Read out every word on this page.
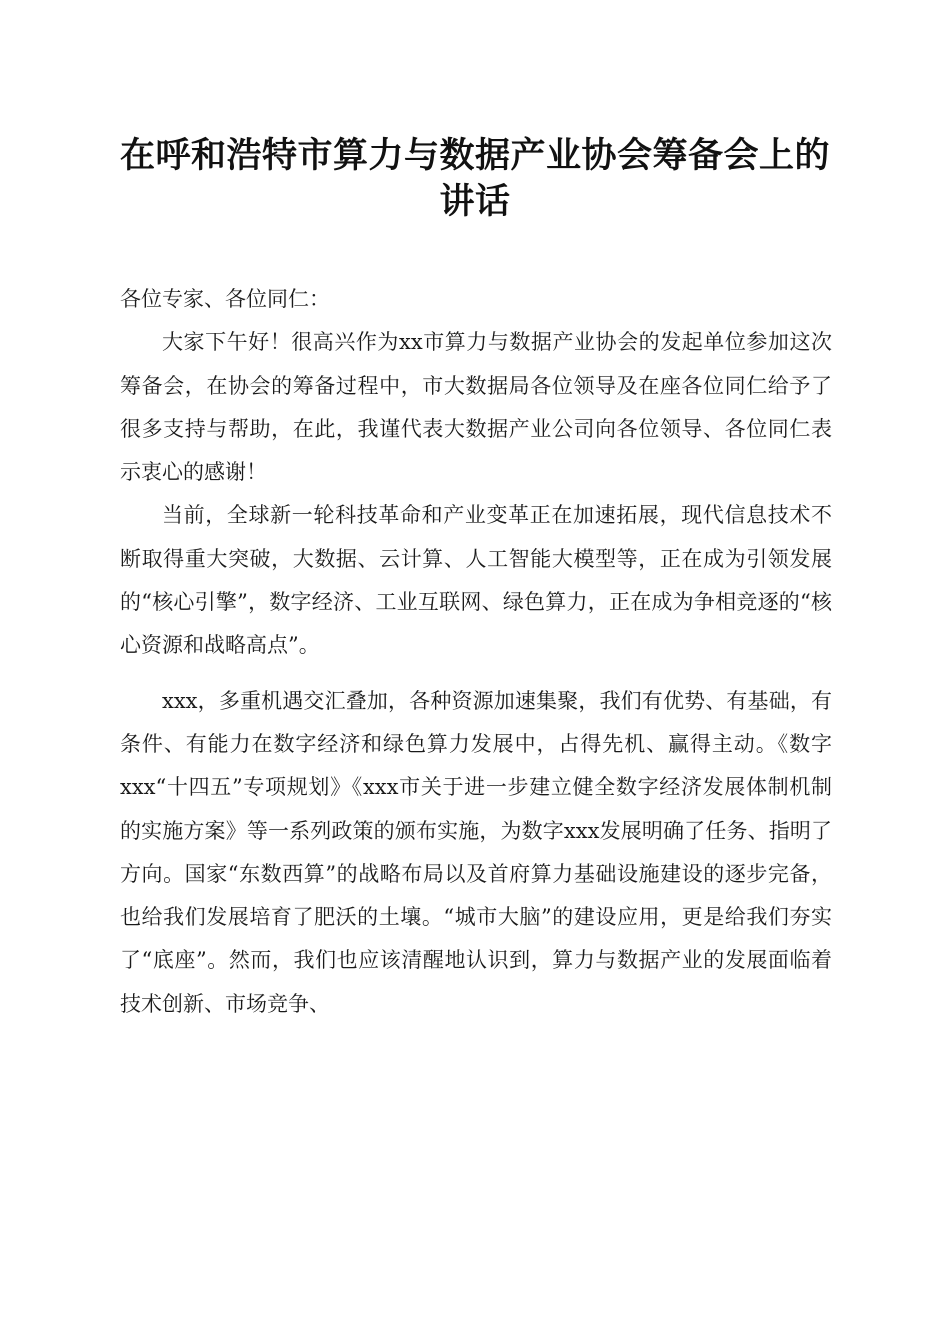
在呼和浩特市算力与数据产业协会筹备会上的
讲话

各位专家、各位同仁：

大家下午好！很高兴作为xx市算力与数据产业协会的发起单位参加这次筹备会，在协会的筹备过程中，市大数据局各位领导及在座各位同仁给予了很多支持与帮助，在此，我谨代表大数据产业公司向各位领导、各位同仁表示衷心的感谢！

当前，全球新一轮科技革命和产业变革正在加速拓展，现代信息技术不断取得重大突破，大数据、云计算、人工智能大模型等，正在成为引领发展的“核心引擎”，数字经济、工业互联网、绿色算力，正在成为争相竞逐的“核心资源和战略高点”。

xxx，多重机遇交汇叠加，各种资源加速集聚，我们有优势、有基础，有条件、有能力在数字经济和绿色算力发展中，占得先机、赢得主动。《数字xxx“十四五”专项规划》《xxx市关于进一步建立健全数字经济发展体制机制的实施方案》等一系列政策的颁布实施，为数字xxx发展明确了任务、指明了方向。国家“东数西算”的战略布局以及首府算力基础设施建设的逐步完备，也给我们发展培育了肥沃的土壤。“城市大脑”的建设应用，更是给我们夯实了“底座”。然而，我们也应该清醒地认识到，算力与数据产业的发展面临着技术创新、市场竞争、
